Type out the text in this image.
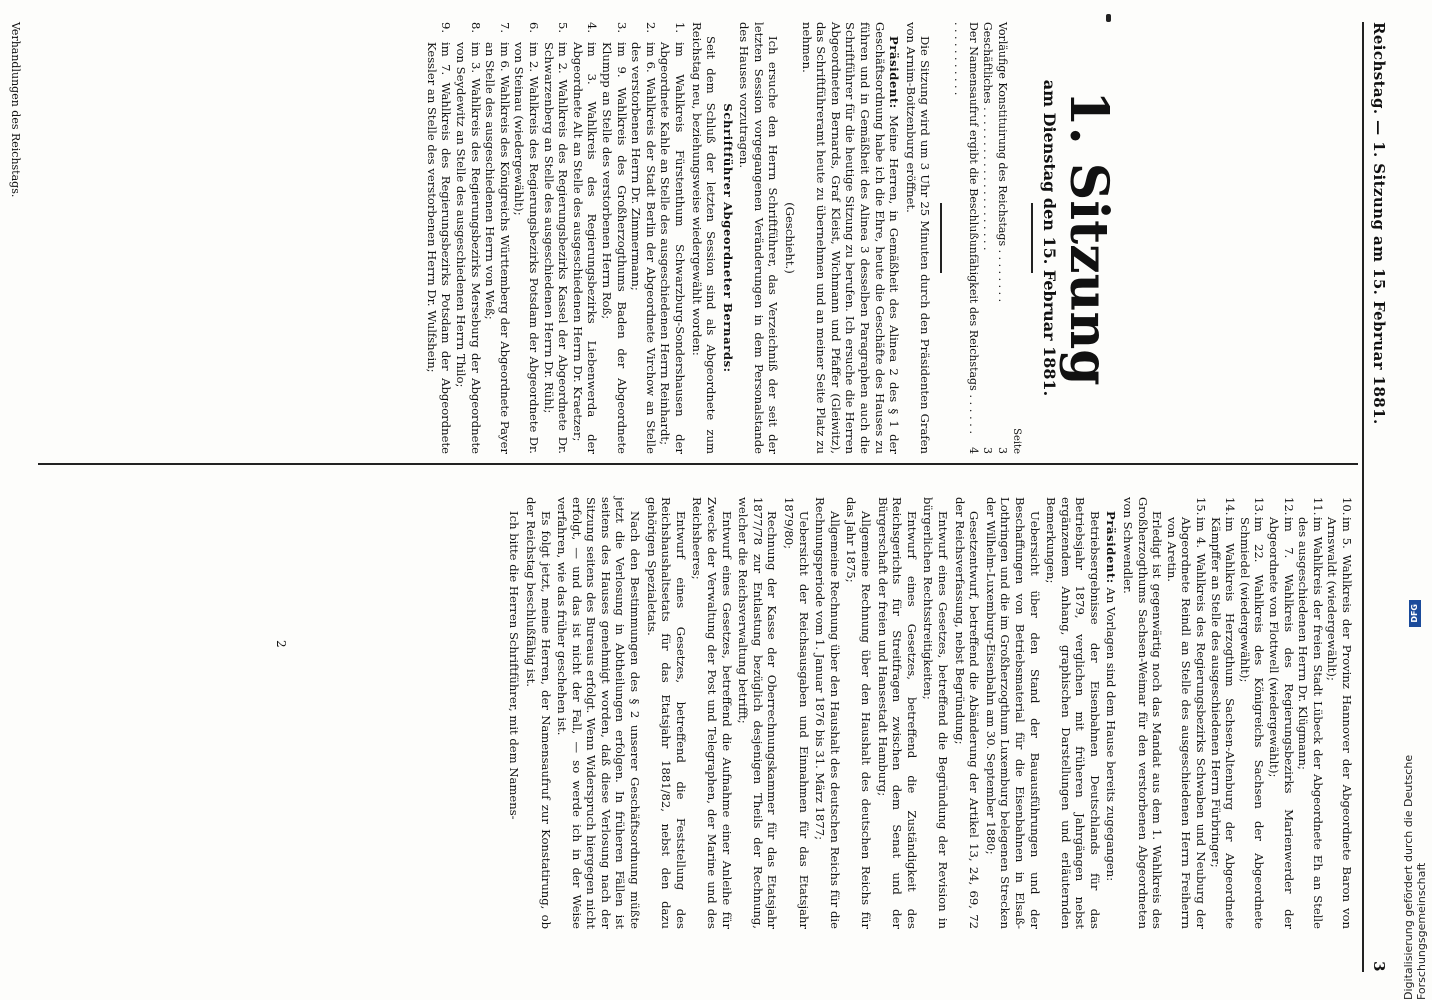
Reichstag. — 1. Sitzung am 15. Februar 1881.
3
1. Sitzung
am Dienstag den 15. Februar 1881.
Seite
Vorläufige Konstituirung des Reichstags . . . . . . . .
3
Geschäftliches . . . . . . . . . . . . . . . . . . . . .
3
Der Namensaufruf ergibt die Beschlußunfähigkeit des Reichstags . . . . . . . . . . . . . . . . .
4

Die Sitzung wird um 3 Uhr 25 Minuten durch den Präsidenten Grafen von Arnim-Boitzenburg eröffnet.

Präsident: Meine Herren, in Gemäßheit des Alinea 2 des § 1 der Geschäftsordnung habe ich die Ehre, heute die Geschäfte des Hauses zu führen und in Gemäßheit des Alinea 3 desselben Paragraphen auch die Schriftführer für die heutige Sitzung zu berufen. Ich ersuche die Herren Abgeordneten Bernards, Graf Kleist, Wichmann und Pfaffer (Gleiwitz), das Schriftführeramt heute zu übernehmen und an meiner Seite Platz zu nehmen.

(Geschieht.)

Ich ersuche den Herrn Schriftführer, das Verzeichniß der seit der letzten Session vorgegangenen Veränderungen in dem Personalstande des Hauses vorzutragen.

Schriftführer Abgeordneter Bernards:

Seit dem Schluß der letzten Session sind als Abgeordnete zum Reichstag neu, beziehungsweise wiedergewählt worden:

1.
im Wahlkreis Fürstenthum Schwarzburg-Sondershausen der Abgeordnete Kahle an Stelle des ausgeschiedenen Herrn Reinhardt;
2.
im 6. Wahlkreis der Stadt Berlin der Abgeordnete Virchow an Stelle des verstorbenen Herrn Dr. Zimmermann;
3.
im 9. Wahlkreis des Großherzogthums Baden der Abgeordnete Klumpp an Stelle des verstorbenen Herrn Roß;
4.
im 3. Wahlkreis des Regierungsbezirks Liebenwerda der Abgeordnete Alt an Stelle des ausgeschiedenen Herrn Dr. Kraetzer;
5.
im 2. Wahlkreis des Regierungsbezirks Kassel der Abgeordnete Dr. Schwarzenberg an Stelle des ausgeschiedenen Herrn Dr. Rühl;
6.
im 2. Wahlkreis des Regierungsbezirks Potsdam der Abgeordnete Dr. von Steinau (wiedergewählt);
7.
im 6. Wahlkreis des Königreichs Württemberg der Abgeordnete Payer an Stelle des ausgeschiedenen Herrn von Weß;
8.
im 3. Wahlkreis des Regierungsbezirks Merseburg der Abgeordnete von Seydewitz an Stelle des ausgeschiedenen Herrn Thilo;
9.
im 7. Wahlkreis des Regierungsbezirks Potsdam der Abgeordnete Kessler an Stelle des verstorbenen Herrn Dr. Wulfshein;
10.
im 5. Wahlkreis der Provinz Hannover der Abgeordnete Baron von Arnswaldt (wiedergewählt);
11.
im Wahlkreis der freien Stadt Lübeck der Abgeordnete Eh an Stelle des ausgeschiedenen Herrn Dr. Klügmann;
12.
im 7. Wahlkreis des Regierungsbezirks Marienwerder der Abgeordnete von Flottwell (wiedergewählt);
13.
im 22. Wahlkreis des Königreichs Sachsen der Abgeordnete Schmiedel (wiedergewählt);
14.
im Wahlkreis Herzogthum Sachsen-Altenburg der Abgeordnete Kämpffer an Stelle des ausgeschiedenen Herrn Fürbringer;
15.
im 4. Wahlkreis des Regierungsbezirks Schwaben und Neuburg der Abgeordnete Reindl an Stelle des ausgeschiedenen Herrn Freiherrn von Aretin.

Erledigt ist gegenwärtig noch das Mandat aus dem 1. Wahlkreis des Großherzogthums Sachsen-Weimar für den verstorbenen Abgeordneten von Schwendler.

Präsident: An Vorlagen sind dem Hause bereits zugegangen:

Betriebsergebnisse der Eisenbahnen Deutschlands für das Betriebsjahr 1879, verglichen mit früheren Jahrgängen nebst ergänzendem Anhang, graphischen Darstellungen und erläuternden Bemerkungen;

Uebersicht über den Stand der Bauausführungen und der Beschaffungen von Betriebsmaterial für die Eisenbahnen in Elsaß-Lothringen und die im Großherzogthum Luxemburg belegenen Strecken der Wilhelm-Luxemburg-Eisenbahn am 30. September 1880;

Gesetzentwurf, betreffend die Abänderung der Artikel 13, 24, 69, 72 der Reichsverfassung, nebst Begründung;

Entwurf eines Gesetzes, betreffend die Begründung der Revision in bürgerlichen Rechtsstreitigkeiten;

Entwurf eines Gesetzes, betreffend die Zuständigkeit des Reichsgerichts für Streitfragen zwischen dem Senat und der Bürgerschaft der freien und Hansestadt Hamburg;

Allgemeine Rechnung über den Haushalt des deutschen Reichs für das Jahr 1875;

Allgemeine Rechnung über den Haushalt des deutschen Reichs für die Rechnungsperiode vom 1. Januar 1876 bis 31. März 1877;

Uebersicht der Reichsausgaben und Einnahmen für das Etatsjahr 1879/80;

Rechnung der Kasse der Oberrechnungskammer für das Etatsjahr 1877/78 zur Entlastung bezüglich desjenigen Theils der Rechnung, welcher die Reichsverwaltung betrifft;

Entwurf eines Gesetzes, betreffend die Aufnahme einer Anleihe für Zwecke der Verwaltung der Post und Telegraphen, der Marine und des Reichsheeres;

Entwurf eines Gesetzes, betreffend die Feststellung des Reichshaushaltsetats für das Etatsjahr 1881/82, nebst den dazu gehörigen Spezialetats.

Nach den Bestimmungen des § 2 unserer Geschäftsordnung müßte jetzt die Verlosung in Abtheilungen erfolgen. In früheren Fällen ist seitens des Hauses genehmigt worden, daß diese Verlosung nach der Sitzung seitens des Bureaus erfolgt. Wenn Widerspruch hiergegen nicht erfolgt, — und das ist nicht der Fall, — so werde ich in der Weise verfahren, wie das früher geschehen ist.

Es folgt jetzt, meine Herren, der Namensaufruf zur Konstatirung, ob der Reichstag beschlußfähig ist.

Ich bitte die Herren Schriftführer, mit dem Namens-

2
Verhandlungen des Reichstags.
Digitalisierung gefördert durch die Deutsche Forschungsgemeinschaft
DFG
